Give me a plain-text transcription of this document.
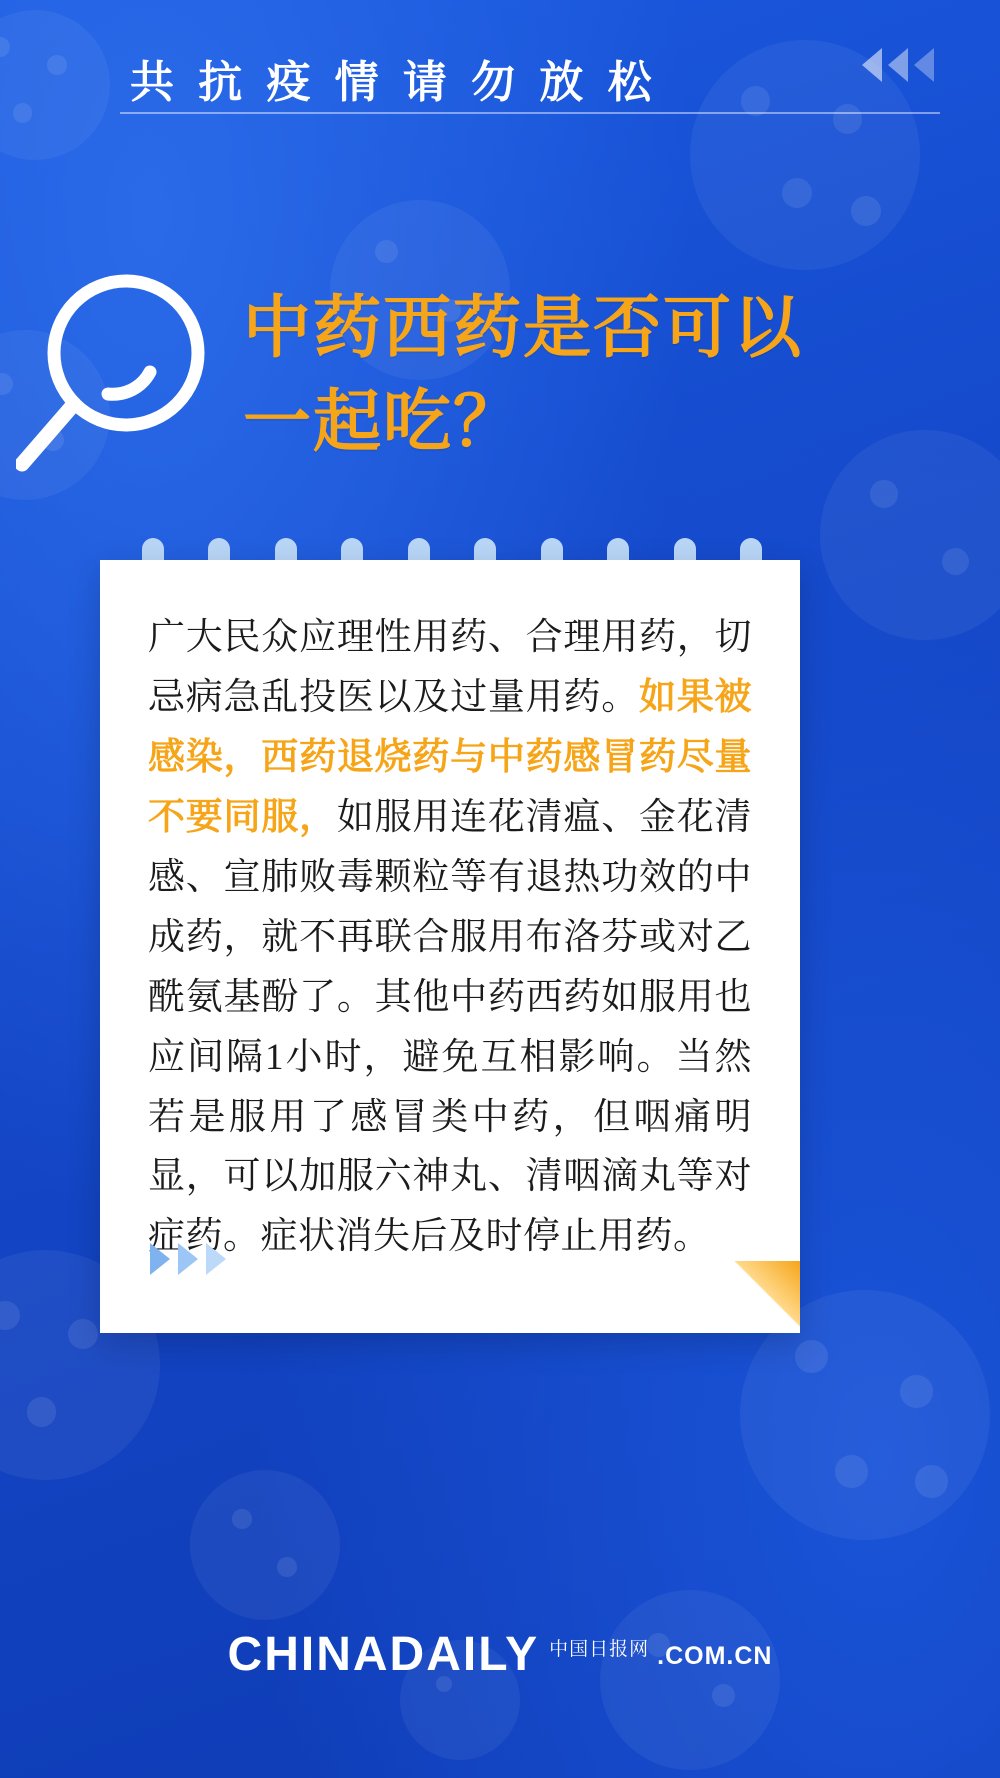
共 抗 疫 情 请 勿 放 松
中药西药是否可以
一起吃？
广大民众应理性用药、合理用药，切忌病急乱投医以及过量用药。如果被感染，西药退烧药与中药感冒药尽量不要同服，如服用连花清瘟、金花清感、宣肺败毒颗粒等有退热功效的中成药，就不再联合服用布洛芬或对乙酰氨基酚了。其他中药西药如服用也应间隔1小时，避免互相影响。当然若是服用了感冒类中药，但咽痛明显，可以加服六神丸、清咽滴丸等对症药。症状消失后及时停止用药。
CHINADAILY 中国日报网 .COM.CN
